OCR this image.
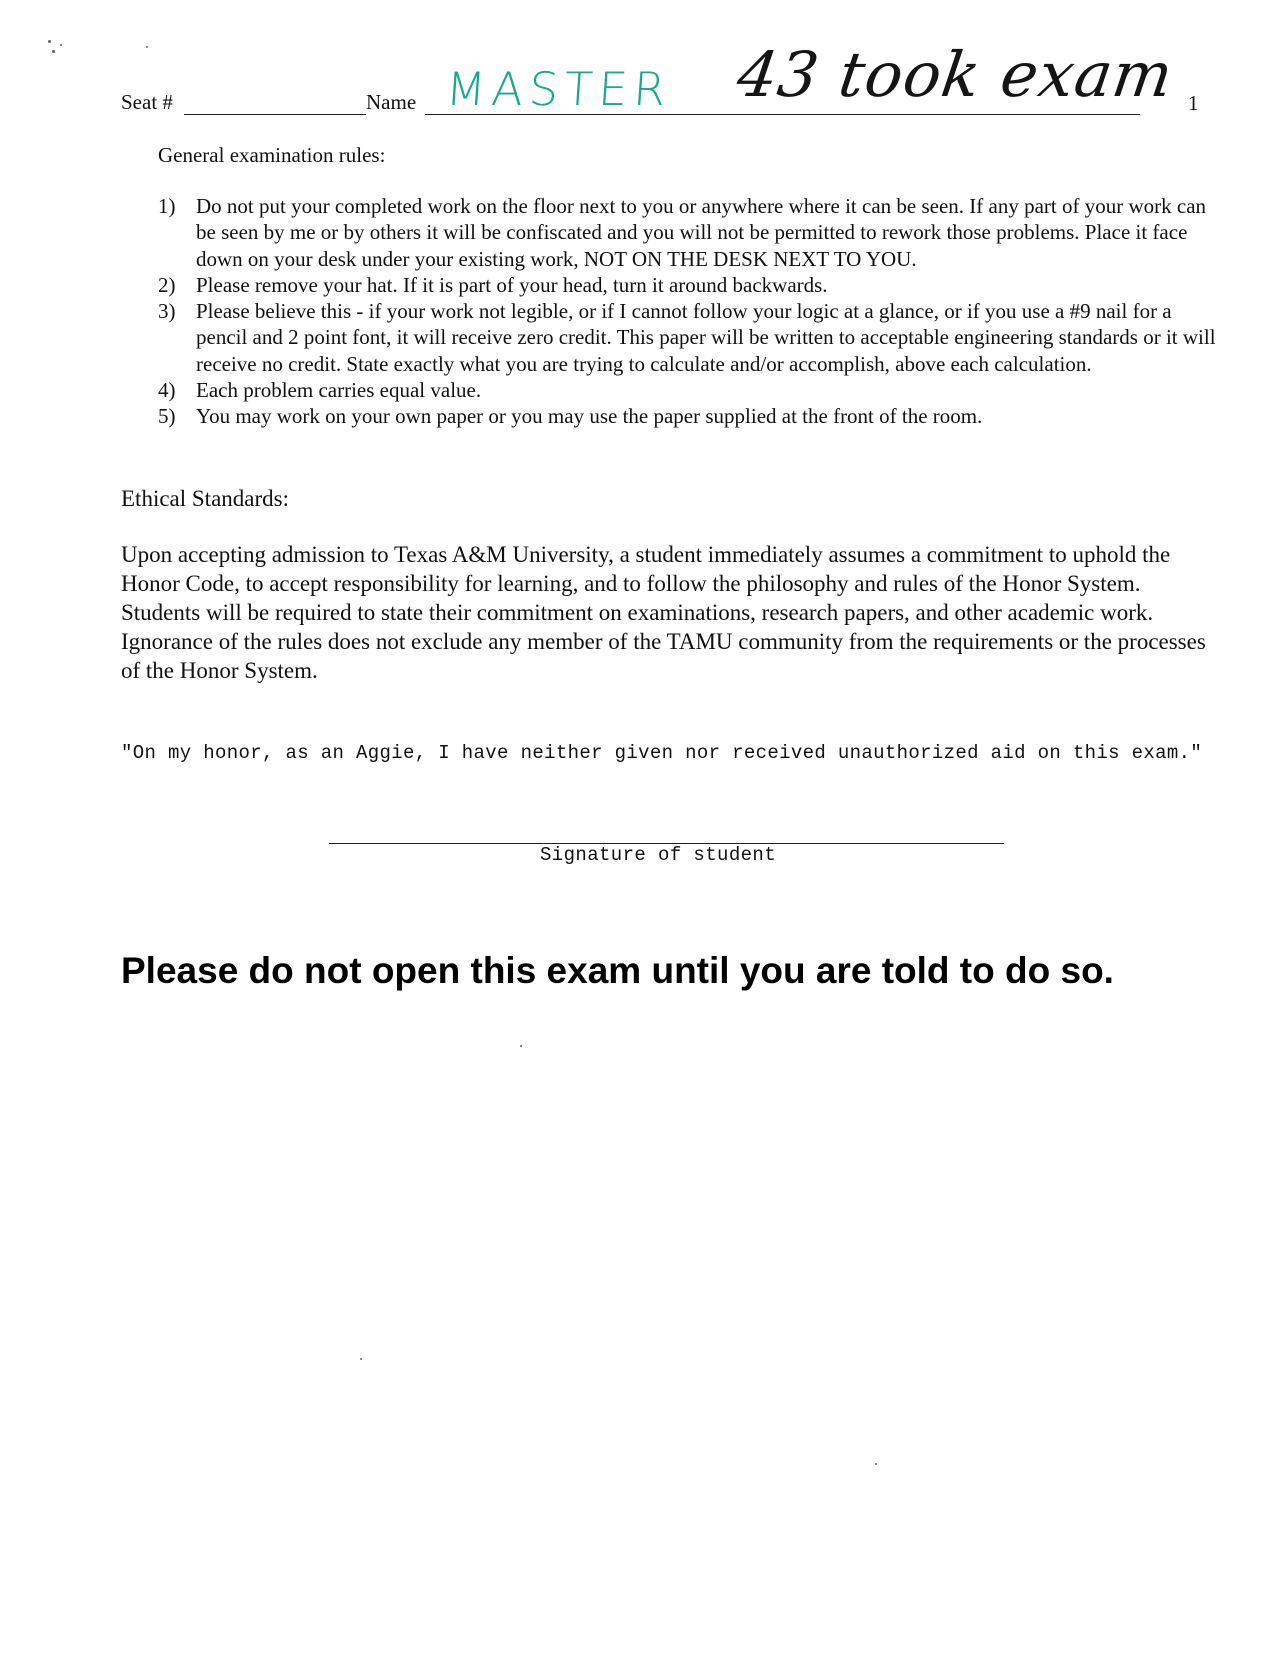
Seat #	Name MASTER 43 took exam 1
General examination rules:
1) Do not put your completed work on the floor next to you or anywhere where it can be seen. If any part of your work can be seen by me or by others it will be confiscated and you will not be permitted to rework those problems. Place it face down on your desk under your existing work, NOT ON THE DESK NEXT TO YOU.
2) Please remove your hat. If it is part of your head, turn it around backwards.
3) Please believe this - if your work not legible, or if I cannot follow your logic at a glance, or if you use a #9 nail for a pencil and 2 point font, it will receive zero credit. This paper will be written to acceptable engineering standards or it will receive no credit. State exactly what you are trying to calculate and/or accomplish, above each calculation.
4) Each problem carries equal value.
5) You may work on your own paper or you may use the paper supplied at the front of the room.
Ethical Standards:

Upon accepting admission to Texas A&M University, a student immediately assumes a commitment to uphold the Honor Code, to accept responsibility for learning, and to follow the philosophy and rules of the Honor System. Students will be required to state their commitment on examinations, research papers, and other academic work. Ignorance of the rules does not exclude any member of the TAMU community from the requirements or the processes of the Honor System.

"On my honor, as an Aggie, I have neither given nor received unauthorized aid on this exam."

Signature of student
Please do not open this exam until you are told to do so.
